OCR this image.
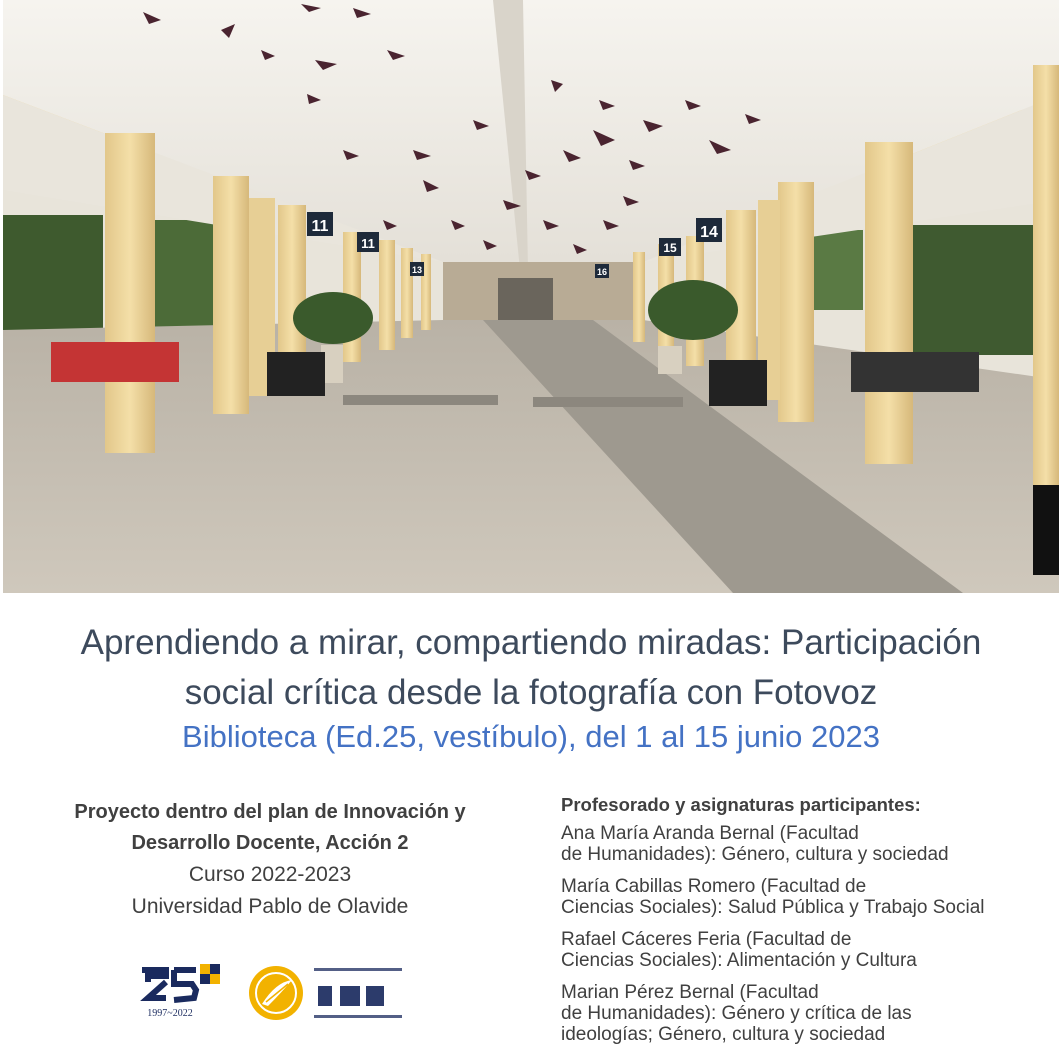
11
11
13
14
15
16
Aprendiendo a mirar, compartiendo miradas: Participación
social crítica desde la fotografía con Fotovoz
Biblioteca (Ed.25, vestíbulo), del 1 al 15 junio 2023
Proyecto dentro del plan de Innovación y
Desarrollo Docente, Acción 2
Curso 2022-2023
Universidad Pablo de Olavide
1997~2022
Profesorado y asignaturas participantes:
Ana María Aranda Bernal (Facultad
de Humanidades): Género, cultura y sociedad
María Cabillas Romero (Facultad de
Ciencias Sociales): Salud Pública y Trabajo Social
Rafael Cáceres Feria (Facultad de
Ciencias Sociales): Alimentación y Cultura
Marian Pérez Bernal (Facultad
de Humanidades): Género y crítica de las
ideologías; Género, cultura y sociedad
